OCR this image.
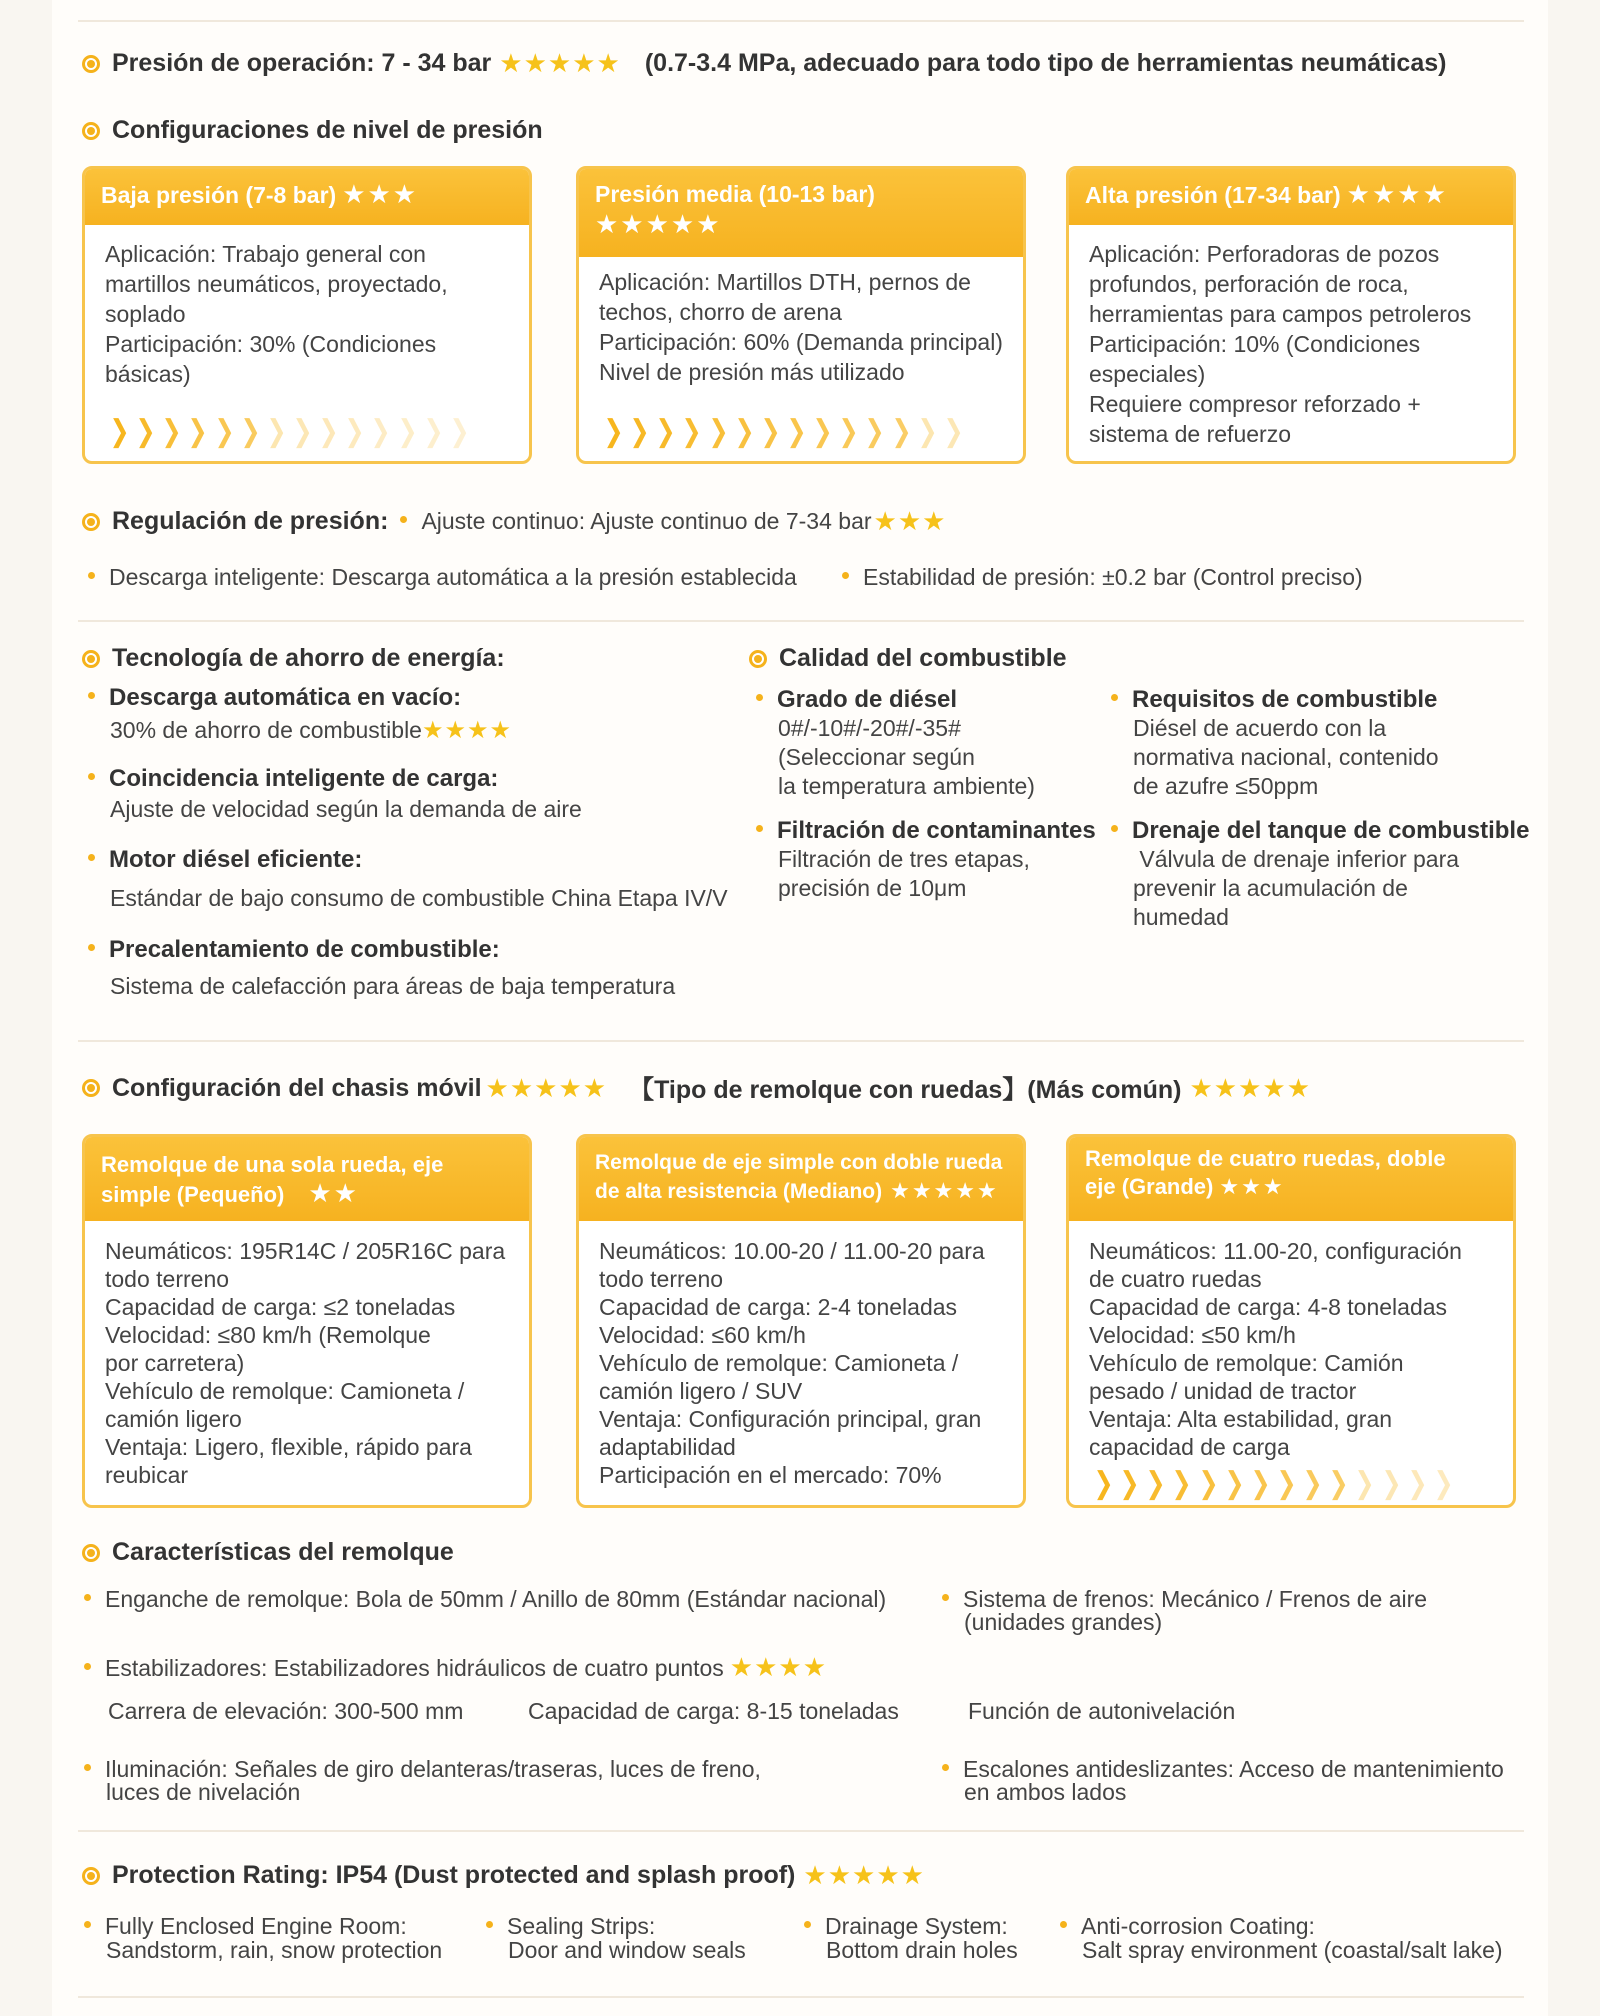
Presión de operación: 7 - 34 bar ★★★★★ (0.7-3.4 MPa, adecuado para todo tipo de herramientas neumáticas)
Configuraciones de nivel de presión
Baja presión (7-8 bar) ★★★
Aplicación: Trabajo general con
martillos neumáticos, proyectado,
soplado
Participación: 30% (Condiciones
básicas)
❯ ❯ ❯ ❯ ❯ ❯ ❯ ❯ ❯ ❯ ❯ ❯ ❯ ❯
Presión media (10-13 bar)
★★★★★
Aplicación: Martillos DTH, pernos de
techos, chorro de arena
Participación: 60% (Demanda principal)
Nivel de presión más utilizado
❯ ❯ ❯ ❯ ❯ ❯ ❯ ❯ ❯ ❯ ❯ ❯ ❯ ❯
Alta presión (17-34 bar) ★★★★
Aplicación: Perforadoras de pozos
profundos, perforación de roca,
herramientas para campos petroleros
Participación: 10% (Condiciones
especiales)
Requiere compresor reforzado +
sistema de refuerzo
Regulación de presión:	Ajuste continuo: Ajuste continuo de 7-34 bar ★★★
Descarga inteligente: Descarga automática a la presión establecida	Estabilidad de presión: ±0.2 bar (Control preciso)
Tecnología de ahorro de energía:
Descarga automática en vacío:
30% de ahorro de combustible★★★★
Coincidencia inteligente de carga:
Ajuste de velocidad según la demanda de aire
Motor diésel eficiente:
Estándar de bajo consumo de combustible China Etapa IV/V
Precalentamiento de combustible:
Sistema de calefacción para áreas de baja temperatura
Calidad del combustible
Grado de diésel
0#/-10#/-20#/-35#
(Seleccionar según
la temperatura ambiente)
Requisitos de combustible
Diésel de acuerdo con la
normativa nacional, contenido
de azufre ≤50ppm
Filtración de contaminantes
Filtración de tres etapas,
precisión de 10μm
Drenaje del tanque de combustible
Válvula de drenaje inferior para
prevenir la acumulación de
humedad
Configuración del chasis móvil ★★★★★ 【Tipo de remolque con ruedas】(Más común) ★★★★★
Remolque de una sola rueda, eje
simple (Pequeño) ★★
Neumáticos: 195R14C / 205R16C para
todo terreno
Capacidad de carga: ≤2 toneladas
Velocidad: ≤80 km/h (Remolque
por carretera)
Vehículo de remolque: Camioneta /
camión ligero
Ventaja: Ligero, flexible, rápido para
reubicar
Remolque de eje simple con doble rueda
de alta resistencia (Mediano) ★★★★★
Neumáticos: 10.00-20 / 11.00-20 para
todo terreno
Capacidad de carga: 2-4 toneladas
Velocidad: ≤60 km/h
Vehículo de remolque: Camioneta /
camión ligero / SUV
Ventaja: Configuración principal, gran
adaptabilidad
Participación en el mercado: 70%
Remolque de cuatro ruedas, doble
eje (Grande) ★★★
Neumáticos: 11.00-20, configuración
de cuatro ruedas
Capacidad de carga: 4-8 toneladas
Velocidad: ≤50 km/h
Vehículo de remolque: Camión
pesado / unidad de tractor
Ventaja: Alta estabilidad, gran
capacidad de carga
❯ ❯ ❯ ❯ ❯ ❯ ❯ ❯ ❯ ❯ ❯ ❯ ❯ ❯
Características del remolque
Enganche de remolque: Bola de 50mm / Anillo de 80mm (Estándar nacional)	Sistema de frenos: Mecánico / Frenos de aire
(unidades grandes)
Estabilizadores: Estabilizadores hidráulicos de cuatro puntos ★★★★
Carrera de elevación: 300-500 mm	Capacidad de carga: 8-15 toneladas	Función de autonivelación
Iluminación: Señales de giro delanteras/traseras, luces de freno,
luces de nivelación
Escalones antideslizantes: Acceso de mantenimiento
en ambos lados
Protection Rating: IP54 (Dust protected and splash proof) ★★★★★
Fully Enclosed Engine Room:
Sandstorm, rain, snow protection
Sealing Strips:
Door and window seals
Drainage System:
Bottom drain holes
Anti-corrosion Coating:
Salt spray environment (coastal/salt lake)
